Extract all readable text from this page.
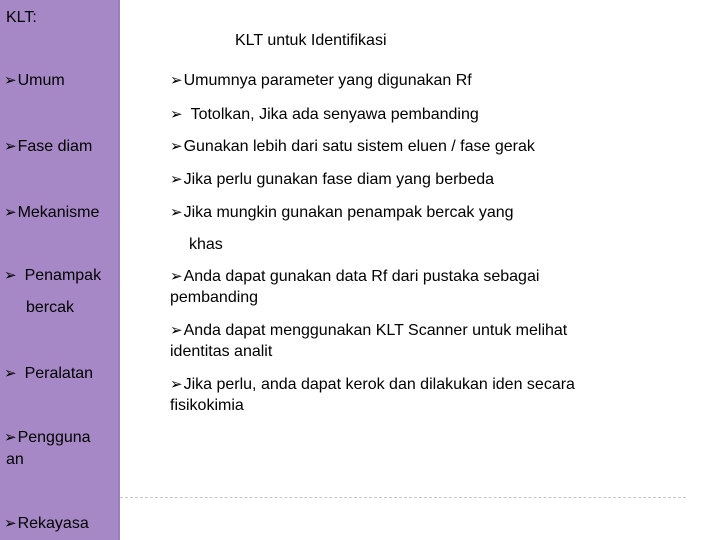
KLT:
KLT untuk Identifikasi
➢Umum
➢Fase diam
➢Mekanisme
➢ Penampak
bercak
➢ Peralatan
➢Pengguna
an
➢Rekayasa
➢Umumnya parameter yang digunakan Rf
➢ Totolkan, Jika ada senyawa pembanding
➢Gunakan lebih dari satu sistem eluen / fase gerak
➢Jika perlu gunakan fase diam yang berbeda
➢Jika mungkin gunakan penampak bercak yang
khas
➢Anda dapat gunakan data Rf dari pustaka sebagai
pembanding
➢Anda dapat menggunakan KLT Scanner untuk melihat
identitas analit
➢Jika perlu, anda dapat kerok dan dilakukan iden secara
fisikokimia
